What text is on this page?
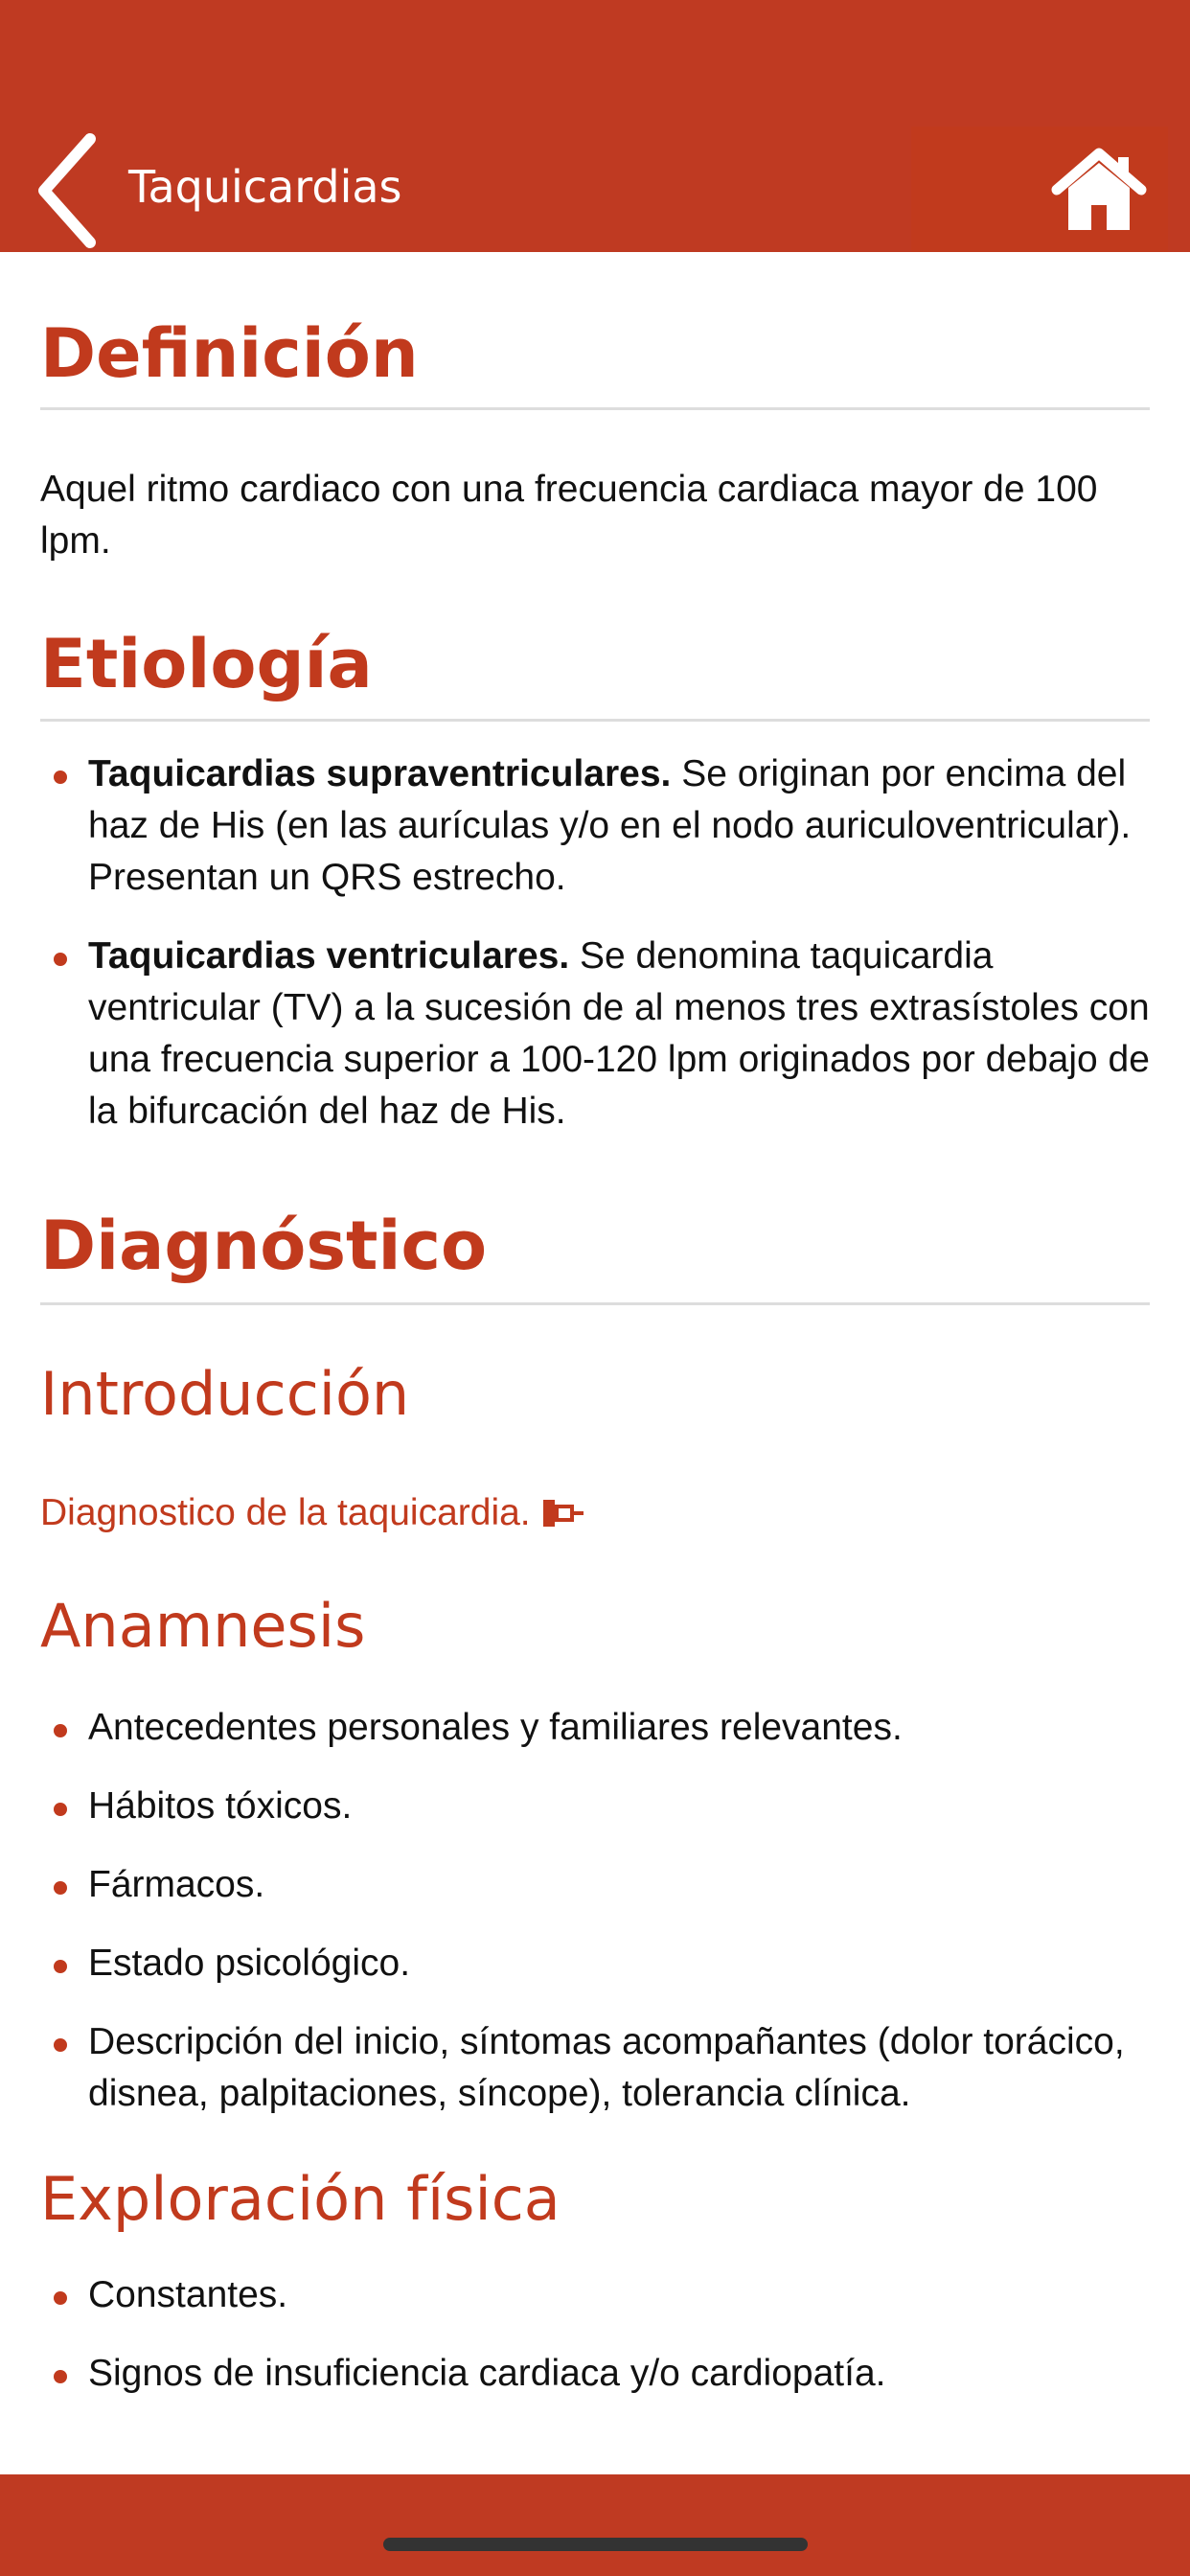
Taquicardias
Definición

Aquel ritmo cardiaco con una frecuencia cardiaca mayor de 100 lpm.

Etiología
Taquicardias supraventriculares. Se originan por encima del haz de His (en las aurículas y/o en el nodo auriculoventricular). Presentan un QRS estrecho.
Taquicardias ventriculares. Se denomina taquicardia ventricular (TV) a la sucesión de al menos tres extrasístoles con una frecuencia superior a 100-120 lpm originados por debajo de la bifurcación del haz de His.
Diagnóstico
Introducción
Diagnostico de la taquicardia.
Anamnesis
Antecedentes personales y familiares relevantes.
Hábitos tóxicos.
Fármacos.
Estado psicológico.
Descripción del inicio, síntomas acompañantes (dolor torácico, disnea, palpitaciones, síncope), tolerancia clínica.
Exploración física
Constantes.
Signos de insuficiencia cardiaca y/o cardiopatía.
